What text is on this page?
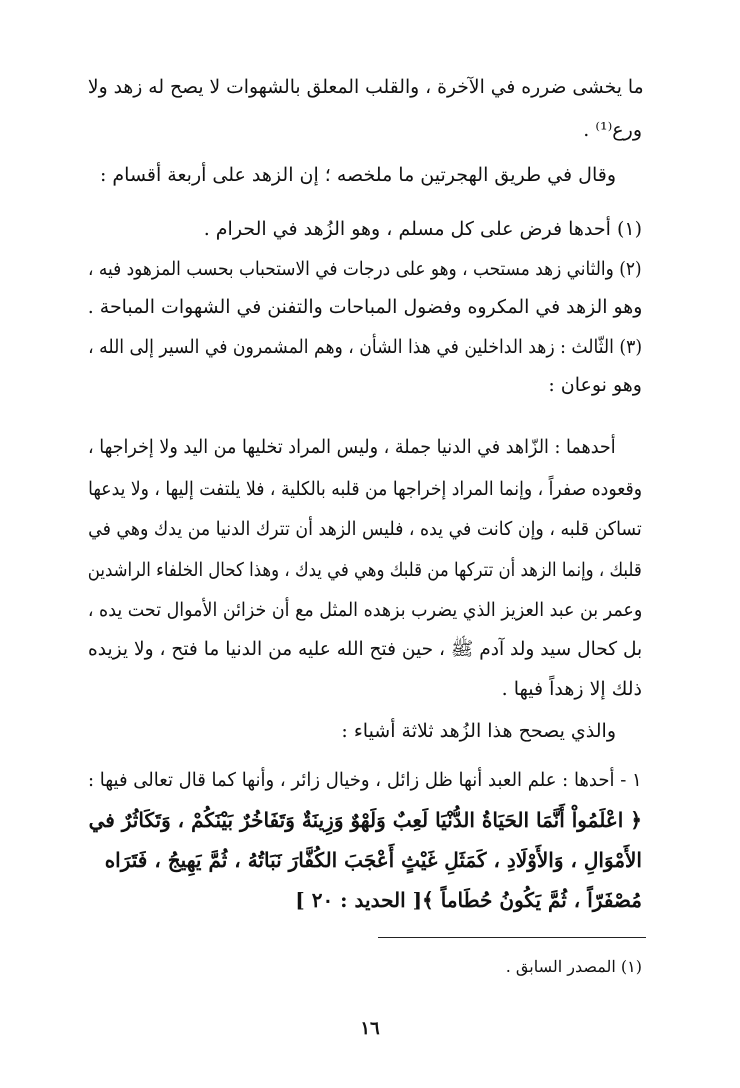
ما يخشى ضرره في الآخرة ، والقلب المعلق بالشهوات لا يصح له زهد ولا
ورع⁽¹⁾ .
وقال في طريق الهجرتين ما ملخصه ؛ إن الزهد على أربعة أقسام :
(١) أحدها فرض على كل مسلم ، وهو الزُهد في الحرام .
(٢) والثاني زهد مستحب ، وهو على درجات في الاستحباب بحسب المزهود فيه ،
وهو الزهد في المكروه وفضول المباحات والتفنن في الشهوات المباحة .
(٣) الثّالث : زهد الداخلين في هذا الشأن ، وهم المشمرون في السير إلى الله ،
وهو نوعان :
أحدهما : الزّاهد في الدنيا جملة ، وليس المراد تخليها من اليد ولا إخراجها ،
وقعوده صفراً ، وإنما المراد إخراجها من قلبه بالكلية ، فلا يلتفت إليها ، ولا يدعها
تساكن قلبه ، وإن كانت في يده ، فليس الزهد أن تترك الدنيا من يدك وهي في
قلبك ، وإنما الزهد أن تتركها من قلبك وهي في يدك ، وهذا كحال الخلفاء الراشدين
وعمر بن عبد العزيز الذي يضرب بزهده المثل مع أن خزائن الأموال تحت يده ،
بل كحال سيد ولد آدم ﷺ ، حين فتح الله عليه من الدنيا ما فتح ، ولا يزيده
ذلك إلا زهداً فيها .
والذي يصحح هذا الزُهد ثلاثة أشياء :
١ - أحدها : علم العبد أنها ظل زائل ، وخيال زائر ، وأنها كما قال تعالى فيها :
﴿ اعْلَمُواْ أَنَّمَا الحَيَاةُ الدُّنْيَا لَعِبٌ وَلَهْوٌ وَزِينَةٌ وَتَفَاخُرٌ بَيْنَكُمْ ، وَتَكَاثُرٌ في
الأَمْوَالِ ، وَالأَوْلَادِ ، كَمَثَلِ غَيْثٍ أَعْجَبَ الكُفَّارَ نَبَاتُهُ ، ثُمَّ يَهِيجُ ، فَتَرَاه
مُصْفَرّاً ، ثُمَّ يَكُونُ حُطَاماً ﴾[ الحديد : ٢٠ ]
(١) المصدر السابق .
١٦
